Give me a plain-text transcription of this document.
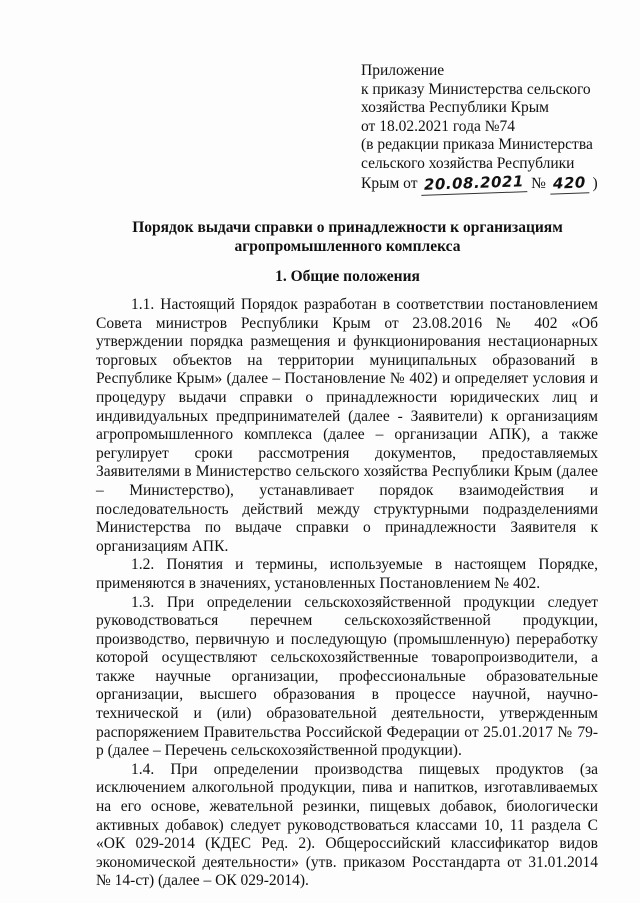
Приложение
к приказу Министерства сельского
хозяйства Республики Крым
от 18.02.2021 года №74
(в редакции приказа Министерства
сельского хозяйства Республики
Крым от 20.08.2021 № 420 )
Порядок выдачи справки о принадлежности к организациям агропромышленного комплекса
1. Общие положения

1.1. Настоящий Порядок разработан в соответствии постановлением Совета министров Республики Крым от 23.08.2016 № 402 «Об утверждении порядка размещения и функционирования нестационарных торговых объектов на территории муниципальных образований в Республике Крым» (далее – Постановление № 402) и определяет условия и процедуру выдачи справки о принадлежности юридических лиц и индивидуальных предпринимателей (далее - Заявители) к организациям агропромышленного комплекса (далее – организации АПК), а также регулирует сроки рассмотрения документов, предоставляемых Заявителями в Министерство сельского хозяйства Республики Крым (далее – Министерство), устанавливает порядок взаимодействия и последовательность действий между структурными подразделениями Министерства по выдаче справки о принадлежности Заявителя к организациям АПК.

1.2. Понятия и термины, используемые в настоящем Порядке, применяются в значениях, установленных Постановлением № 402.

1.3. При определении сельскохозяйственной продукции следует руководствоваться перечнем сельскохозяйственной продукции, производство, первичную и последующую (промышленную) переработку которой осуществляют сельскохозяйственные товаропроизводители, а также научные организации, профессиональные образовательные организации, высшего образования в процессе научной, научно-технической и (или) образовательной деятельности, утвержденным распоряжением Правительства Российской Федерации от 25.01.2017 № 79-р (далее – Перечень сельскохозяйственной продукции).

1.4. При определении производства пищевых продуктов (за исключением алкогольной продукции, пива и напитков, изготавливаемых на его основе, жевательной резинки, пищевых добавок, биологически активных добавок) следует руководствоваться классами 10, 11 раздела С «ОК 029-2014 (КДЕС Ред. 2). Общероссийский классификатор видов экономической деятельности» (утв. приказом Росстандарта от 31.01.2014 № 14-ст) (далее – ОК 029-2014).
